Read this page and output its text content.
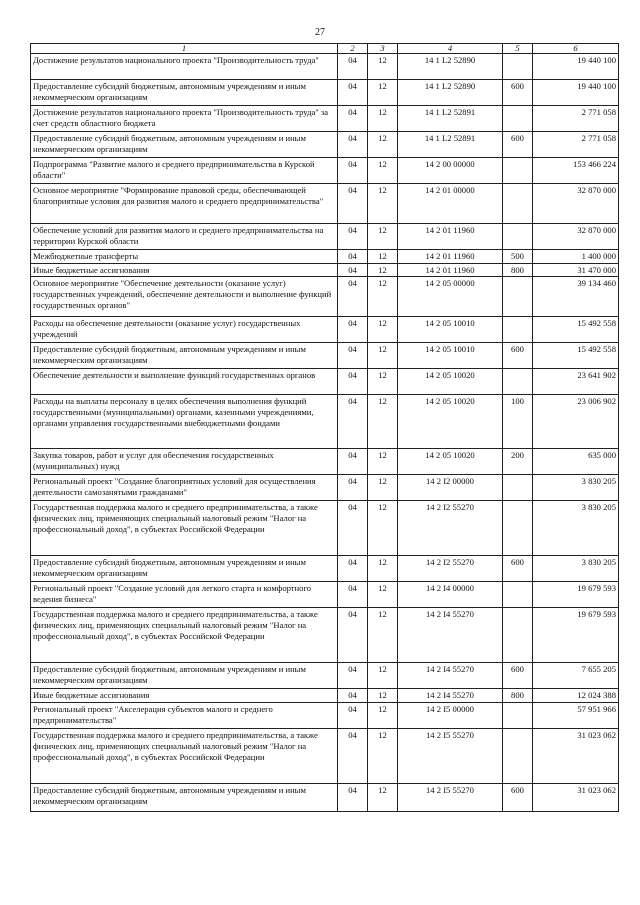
27
1	2	3	4	5	6
Достижение результатов национального проекта "Производительность труда"	04	12	14 1 L2 52890		19 440 100
Предоставление субсидий бюджетным, автономным учреждениям и иным некоммерческим организациям	04	12	14 1 L2 52890	600	19 440 100
Достижение результатов национального проекта "Производительность труда" за счет средств областного бюджета	04	12	14 1 L2 52891		2 771 058
Предоставление субсидий бюджетным, автономным учреждениям и иным некоммерческим организациям	04	12	14 1 L2 52891	600	2 771 058
Подпрограмма "Развитие малого и среднего предпринимательства в Курской области"	04	12	14 2 00 00000		153 466 224
Основное мероприятие "Формирование правовой среды, обеспечивающей благоприятные условия для развития малого и среднего предпринимательства"	04	12	14 2 01 00000		32 870 000
Обеспечение условий для развития малого и среднего предпринимательства на территории Курской области	04	12	14 2 01 11960		32 870 000
Межбюджетные трансферты	04	12	14 2 01 11960	500	1 400 000
Иные бюджетные ассигнования	04	12	14 2 01 11960	800	31 470 000
Основное мероприятие "Обеспечение деятельности (оказание услуг) государственных учреждений, обеспечение деятельности и выполнение функций государственных органов"	04	12	14 2 05 00000		39 134 460
Расходы на обеспечение деятельности (оказание услуг) государственных учреждений	04	12	14 2 05 10010		15 492 558
Предоставление субсидий бюджетным, автономным учреждениям и иным некоммерческим организациям	04	12	14 2 05 10010	600	15 492 558
Обеспечение деятельности и выполнение функций государственных органов	04	12	14 2 05 10020		23 641 902
Расходы на выплаты персоналу в целях обеспечения выполнения функций государственными (муниципальными) органами, казенными учреждениями, органами управления государственными внебюджетными фондами	04	12	14 2 05 10020	100	23 006 902
Закупка товаров, работ и услуг для обеспечения государственных (муниципальных) нужд	04	12	14 2 05 10020	200	635 000
Региональный проект "Создание благоприятных условий для осуществления деятельности самозанятыми гражданами"	04	12	14 2 I2 00000		3 830 205
Государственная поддержка малого и среднего предпринимательства, а также физических лиц, применяющих специальный налоговый режим "Налог на профессиональный доход", в субъектах Российской Федерации	04	12	14 2 I2 55270		3 830 205
Предоставление субсидий бюджетным, автономным учреждениям и иным некоммерческим организациям	04	12	14 2 I2 55270	600	3 830 205
Региональный проект "Создание условий для легкого старта и комфортного ведения бизнеса"	04	12	14 2 I4 00000		19 679 593
Государственная поддержка малого и среднего предпринимательства, а также физических лиц, применяющих специальный налоговый режим "Налог на профессиональный доход", в субъектах Российской Федерации	04	12	14 2 I4 55270		19 679 593
Предоставление субсидий бюджетным, автономным учреждениям и иным некоммерческим организациям	04	12	14 2 I4 55270	600	7 655 205
Иные бюджетные ассигнования	04	12	14 2 I4 55270	800	12 024 388
Региональный проект "Акселерация субъектов малого и среднего предпринимательства"	04	12	14 2 I5 00000		57 951 966
Государственная поддержка малого и среднего предпринимательства, а также физических лиц, применяющих специальный налоговый режим "Налог на профессиональный доход", в субъектах Российской Федерации	04	12	14 2 I5 55270		31 023 062
Предоставление субсидий бюджетным, автономным учреждениям и иным некоммерческим организациям	04	12	14 2 I5 55270	600	31 023 062
